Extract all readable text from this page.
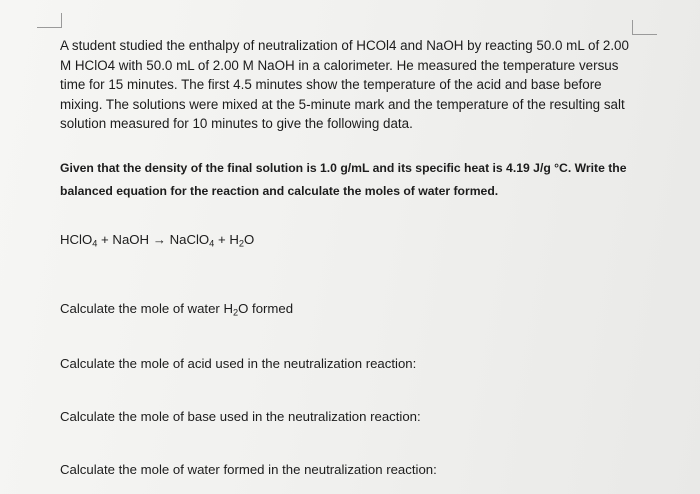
A student studied the enthalpy of neutralization of HCOl4 and NaOH by reacting 50.0 mL of 2.00 M HClO4 with 50.0 mL of 2.00 M NaOH in a calorimeter. He measured the temperature versus time for 15 minutes. The first 4.5 minutes show the temperature of the acid and base before mixing. The solutions were mixed at the 5-minute mark and the temperature of the resulting salt solution measured for 10 minutes to give the following data.

Given that the density of the final solution is 1.0 g/mL and its specific heat is 4.19 J/g °C. Write the balanced equation for the reaction and calculate the moles of water formed.

HClO$_4$ + NaOH → NaClO$_4$ + $H_2O$

Calculate the mole of water $H_2O$ formed

Calculate the mole of acid used in the neutralization reaction:

Calculate the mole of base used in the neutralization reaction:

Calculate the mole of water formed in the neutralization reaction:
